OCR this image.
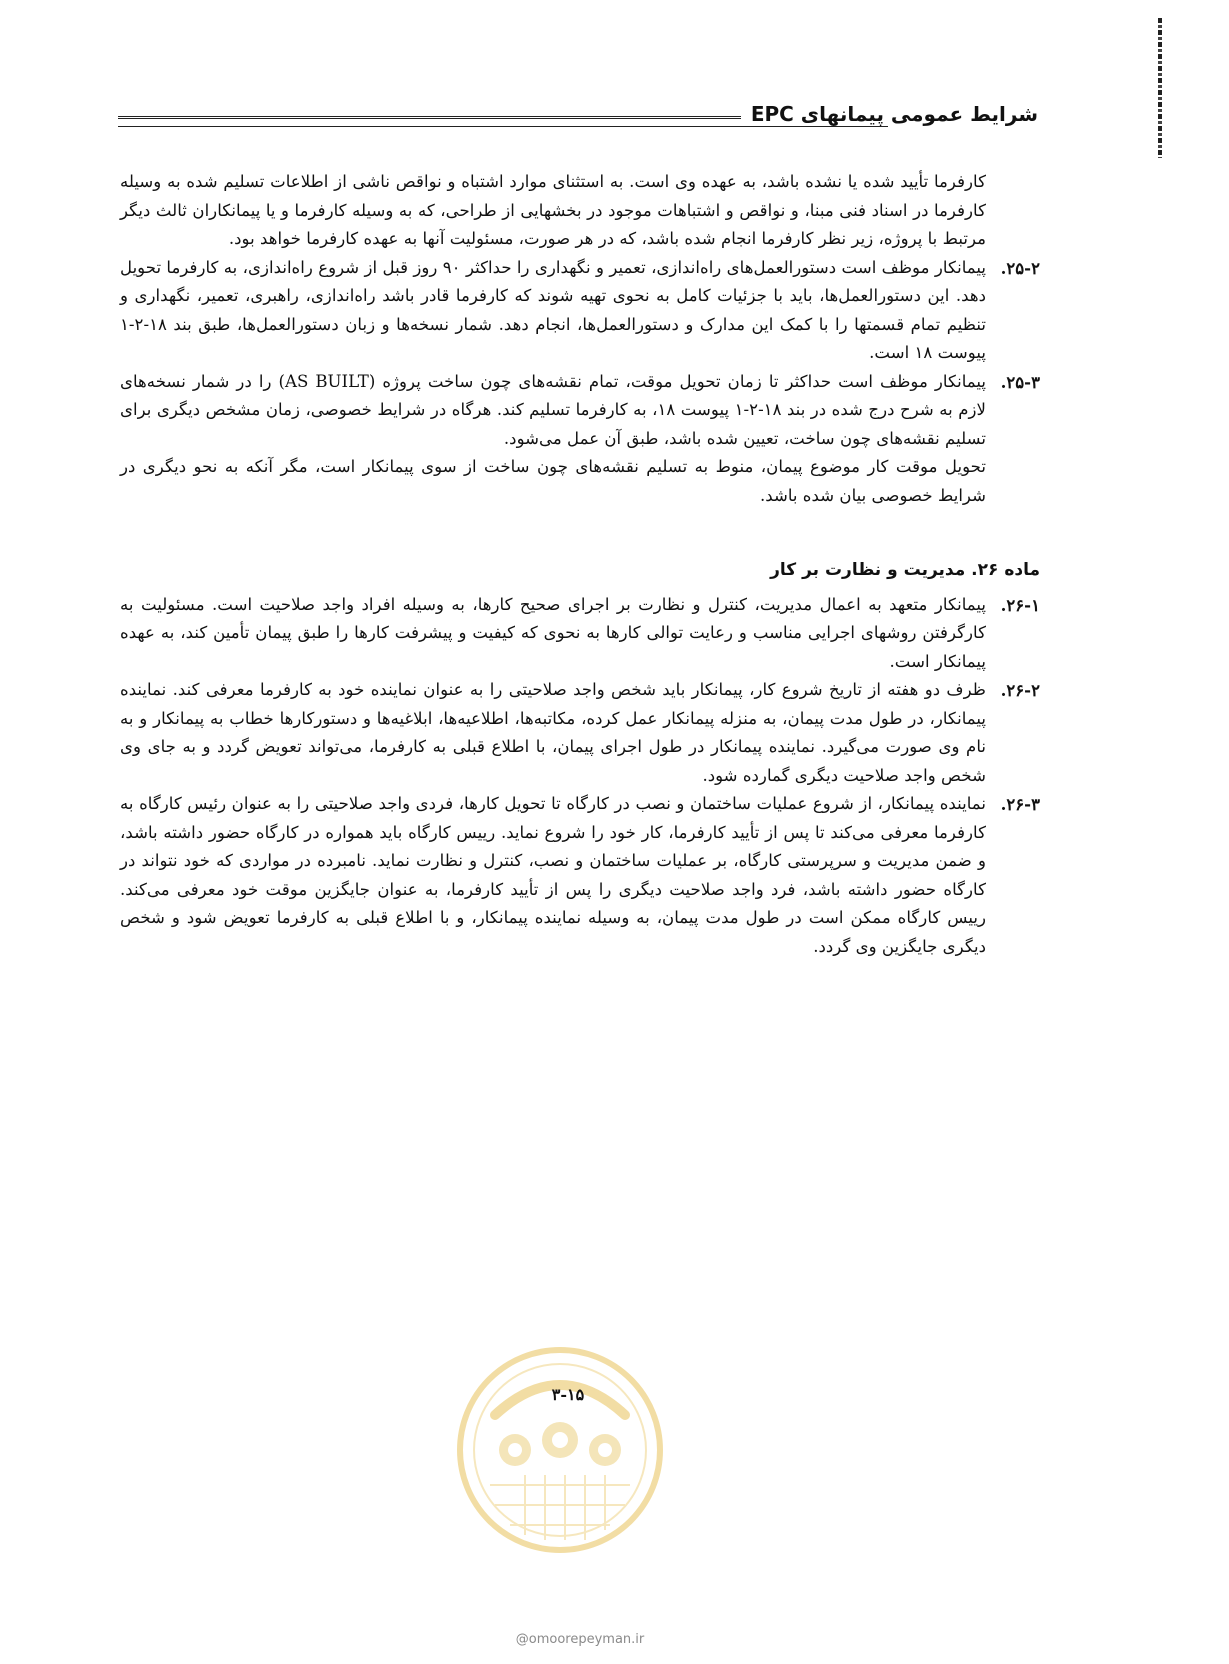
شرایط عمومی پیمانهای EPC

کارفرما تأیید شده یا نشده باشد، به عهده وی است. به استثنای موارد اشتباه و نواقص ناشی از اطلاعات تسلیم شده به وسیله کارفرما در اسناد فنی مبنا، و نواقص و اشتباهات موجود در بخشهایی از طراحی، که به وسیله کارفرما و یا پیمانکاران ثالث دیگر مرتبط با پروژه، زیر نظر کارفرما انجام شده باشد، که در هر صورت، مسئولیت آنها به عهده کارفرما خواهد بود.

۲۵-۲.
پیمانکار موظف است دستورالعمل‌های راه‌اندازی، تعمیر و نگهداری را حداکثر ۹۰ روز قبل از شروع راه‌اندازی، به کارفرما تحویل دهد. این دستورالعمل‌ها، باید با جزئیات کامل به نحوی تهیه شوند که کارفرما قادر باشد راه‌اندازی، راهبری، تعمیر، نگهداری و تنظیم تمام قسمتها را با کمک این مدارک و دستورالعمل‌ها، انجام دهد. شمار نسخه‌ها و زبان دستورالعمل‌ها، طبق بند ۱۸-۲-۱ پیوست ۱۸ است.
۲۵-۳.
پیمانکار موظف است حداکثر تا زمان تحویل موقت، تمام نقشه‌های چون ساخت پروژه (AS BUILT) را در شمار نسخه‌های لازم به شرح درج شده در بند ۱۸-۲-۱ پیوست ۱۸، به کارفرما تسلیم کند. هرگاه در شرایط خصوصی، زمان مشخص دیگری برای تسلیم نقشه‌های چون ساخت، تعیین شده باشد، طبق آن عمل می‌شود.

تحویل موقت کار موضوع پیمان، منوط به تسلیم نقشه‌های چون ساخت از سوی پیمانکار است، مگر آنکه به نحو دیگری در شرایط خصوصی بیان شده باشد.

ماده ۲۶. مدیریت و نظارت بر کار
۲۶-۱.
پیمانکار متعهد به اعمال مدیریت، کنترل و نظارت بر اجرای صحیح کارها، به وسیله افراد واجد صلاحیت است. مسئولیت به کارگرفتن روشهای اجرایی مناسب و رعایت توالی کارها به نحوی که کیفیت و پیشرفت کارها را طبق پیمان تأمین کند، به عهده پیمانکار است.
۲۶-۲.
ظرف دو هفته از تاریخ شروع کار، پیمانکار باید شخص واجد صلاحیتی را به عنوان نماینده خود به کارفرما معرفی کند. نماینده پیمانکار، در طول مدت پیمان، به منزله پیمانکار عمل کرده، مکاتبه‌ها، اطلاعیه‌ها، ابلاغیه‌ها و دستورکارها خطاب به پیمانکار و به نام وی صورت می‌گیرد. نماینده پیمانکار در طول اجرای پیمان، با اطلاع قبلی به کارفرما، می‌تواند تعویض گردد و به جای وی شخص واجد صلاحیت دیگری گمارده شود.
۲۶-۳.
نماینده پیمانکار، از شروع عملیات ساختمان و نصب در کارگاه تا تحویل کارها، فردی واجد صلاحیتی را به عنوان رئیس کارگاه به کارفرما معرفی می‌کند تا پس از تأیید کارفرما، کار خود را شروع نماید. رییس کارگاه باید همواره در کارگاه حضور داشته باشد، و ضمن مدیریت و سرپرستی کارگاه، بر عملیات ساختمان و نصب، کنترل و نظارت نماید. نامبرده در مواردی که خود نتواند در کارگاه حضور داشته باشد، فرد واجد صلاحیت دیگری را پس از تأیید کارفرما، به عنوان جایگزین موقت خود معرفی می‌کند. رییس کارگاه ممکن است در طول مدت پیمان، به وسیله نماینده پیمانکار، و با اطلاع قبلی به کارفرما تعویض شود و شخص دیگری جایگزین وی گردد.
۳-۱۵
@omoorepeyman.ir
